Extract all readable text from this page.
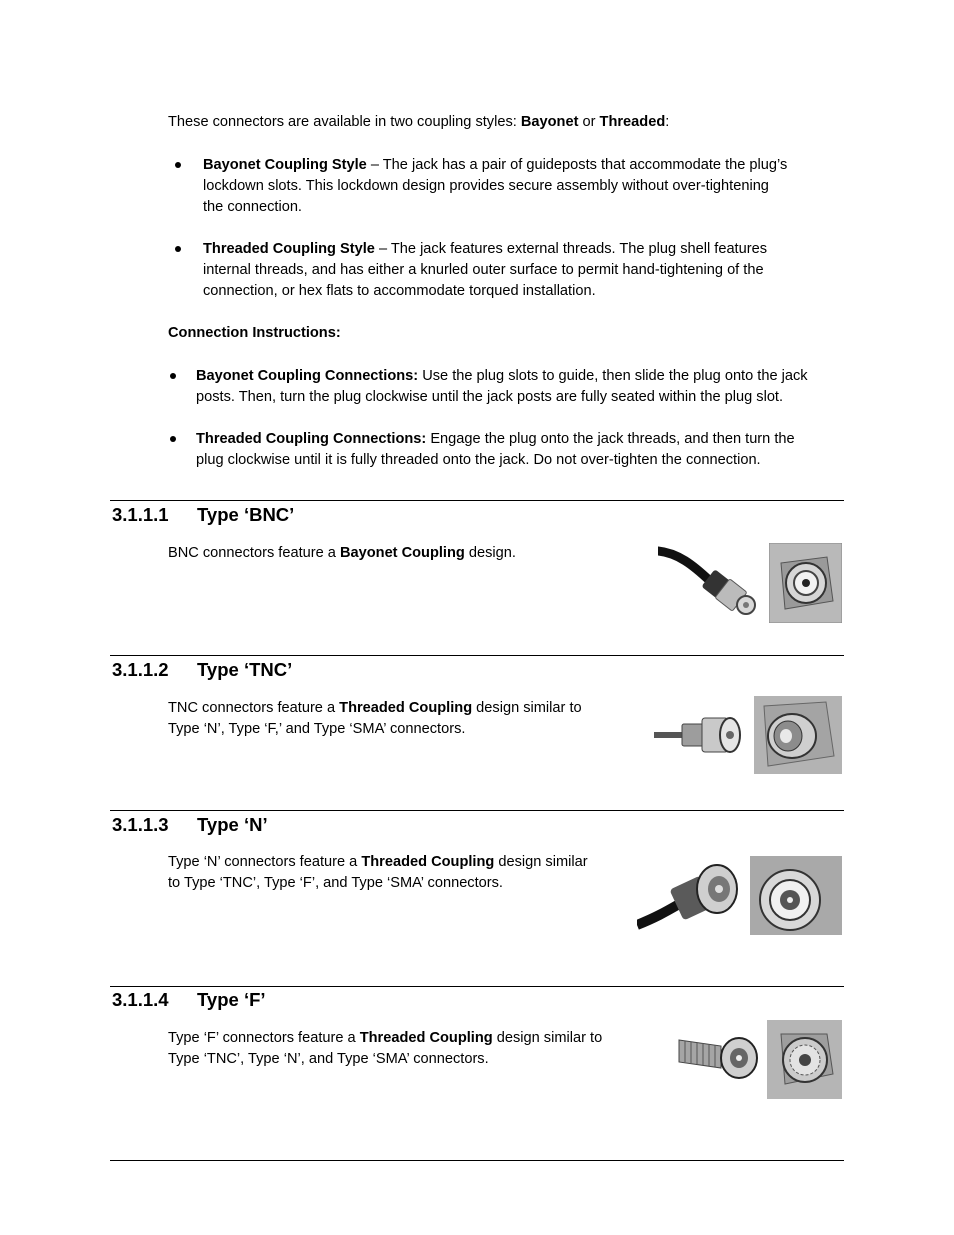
These connectors are available in two coupling styles: Bayonet or Threaded:
Bayonet Coupling Style – The jack has a pair of guideposts that accommodate the plug’s
lockdown slots. This lockdown design provides secure assembly without over-tightening
the connection.
Threaded Coupling Style – The jack features external threads. The plug shell features
internal threads, and has either a knurled outer surface to permit hand-tightening of the
connection, or hex flats to accommodate torqued installation.
Connection Instructions:
Bayonet Coupling Connections: Use the plug slots to guide, then slide the plug onto the jack
posts. Then, turn the plug clockwise until the jack posts are fully seated within the plug slot.
Threaded Coupling Connections: Engage the plug onto the jack threads, and then turn the
plug clockwise until it is fully threaded onto the jack. Do not over-tighten the connection.
3.1.1.1 Type ‘BNC’
BNC connectors feature a Bayonet Coupling design.
3.1.1.2 Type ‘TNC’
TNC connectors feature a Threaded Coupling design similar to
Type ‘N’, Type ‘F,’ and Type ‘SMA’ connectors.
3.1.1.3 Type ‘N’
Type ‘N’ connectors feature a Threaded Coupling design similar
to Type ‘TNC’, Type ‘F’, and Type ‘SMA’ connectors.
3.1.1.4 Type ‘F’
Type ‘F’ connectors feature a Threaded Coupling design similar to
Type ‘TNC’, Type ‘N’, and Type ‘SMA’ connectors.
